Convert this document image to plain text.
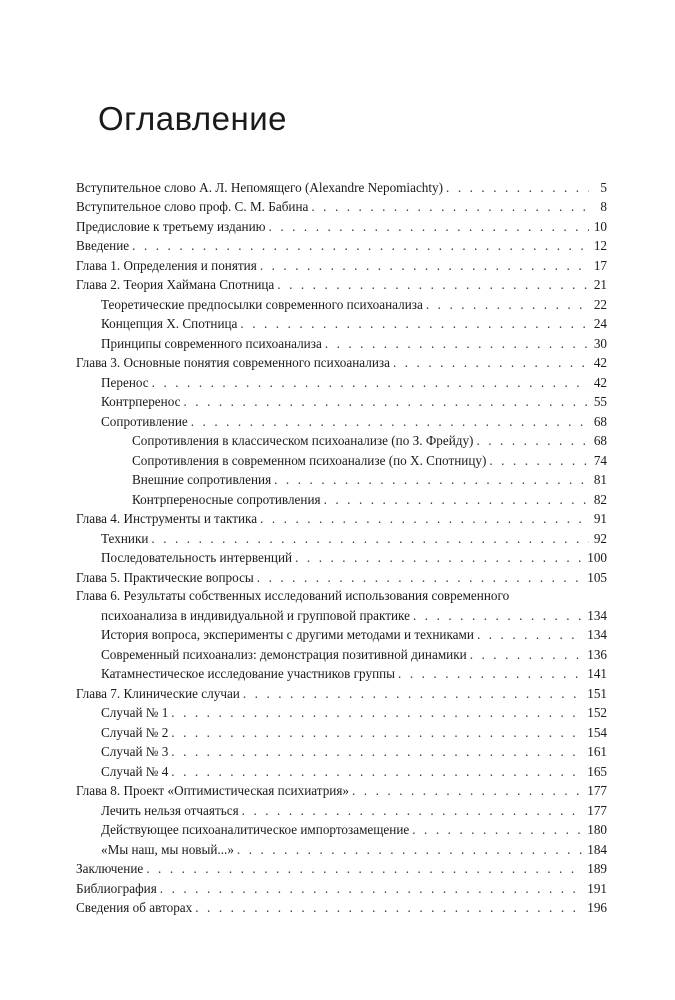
Оглавление
Вступительное слово А. Л. Непомящего (Alexandre Nepomiachty) . . .	5
Вступительное слово проф. С. М. Бабина . . .	8
Предисловие к третьему изданию . . .	10
Введение . . .	12
Глава 1. Определения и понятия . . .	17
Глава 2. Теория Хаймана Спотница . . .	21
Теоретические предпосылки современного психоанализа . . .	22
Концепция Х. Спотница . . .	24
Принципы современного психоанализа . . .	30
Глава 3. Основные понятия современного психоанализа . . .	42
Перенос . . .	42
Контрперенос . . .	55
Сопротивление . . .	68
Сопротивления в классическом психоанализе (по З. Фрейду) . . .	68
Сопротивления в современном психоанализе (по Х. Спотницу) . . .	74
Внешние сопротивления . . .	81
Контрпереносные сопротивления . . .	82
Глава 4. Инструменты и тактика . . .	91
Техники . . .	92
Последовательность интервенций . . .	100
Глава 5. Практические вопросы . . .	105
Глава 6. Результаты собственных исследований использования современного
психоанализа в индивидуальной и групповой практике . . .	134
История вопроса, эксперименты с другими методами и техниками . . .	134
Современный психоанализ: демонстрация позитивной динамики . . .	136
Катамнестическое исследование участников группы . . .	141
Глава 7. Клинические случаи . . .	151
Случай № 1 . . .	152
Случай № 2 . . .	154
Случай № 3 . . .	161
Случай № 4 . . .	165
Глава 8. Проект «Оптимистическая психиатрия» . . .	177
Лечить нельзя отчаяться . . .	177
Действующее психоаналитическое импортозамещение . . .	180
«Мы наш, мы новый...» . . .	184
Заключение . . .	189
Библиография . . .	191
Сведения об авторах . . .	196
